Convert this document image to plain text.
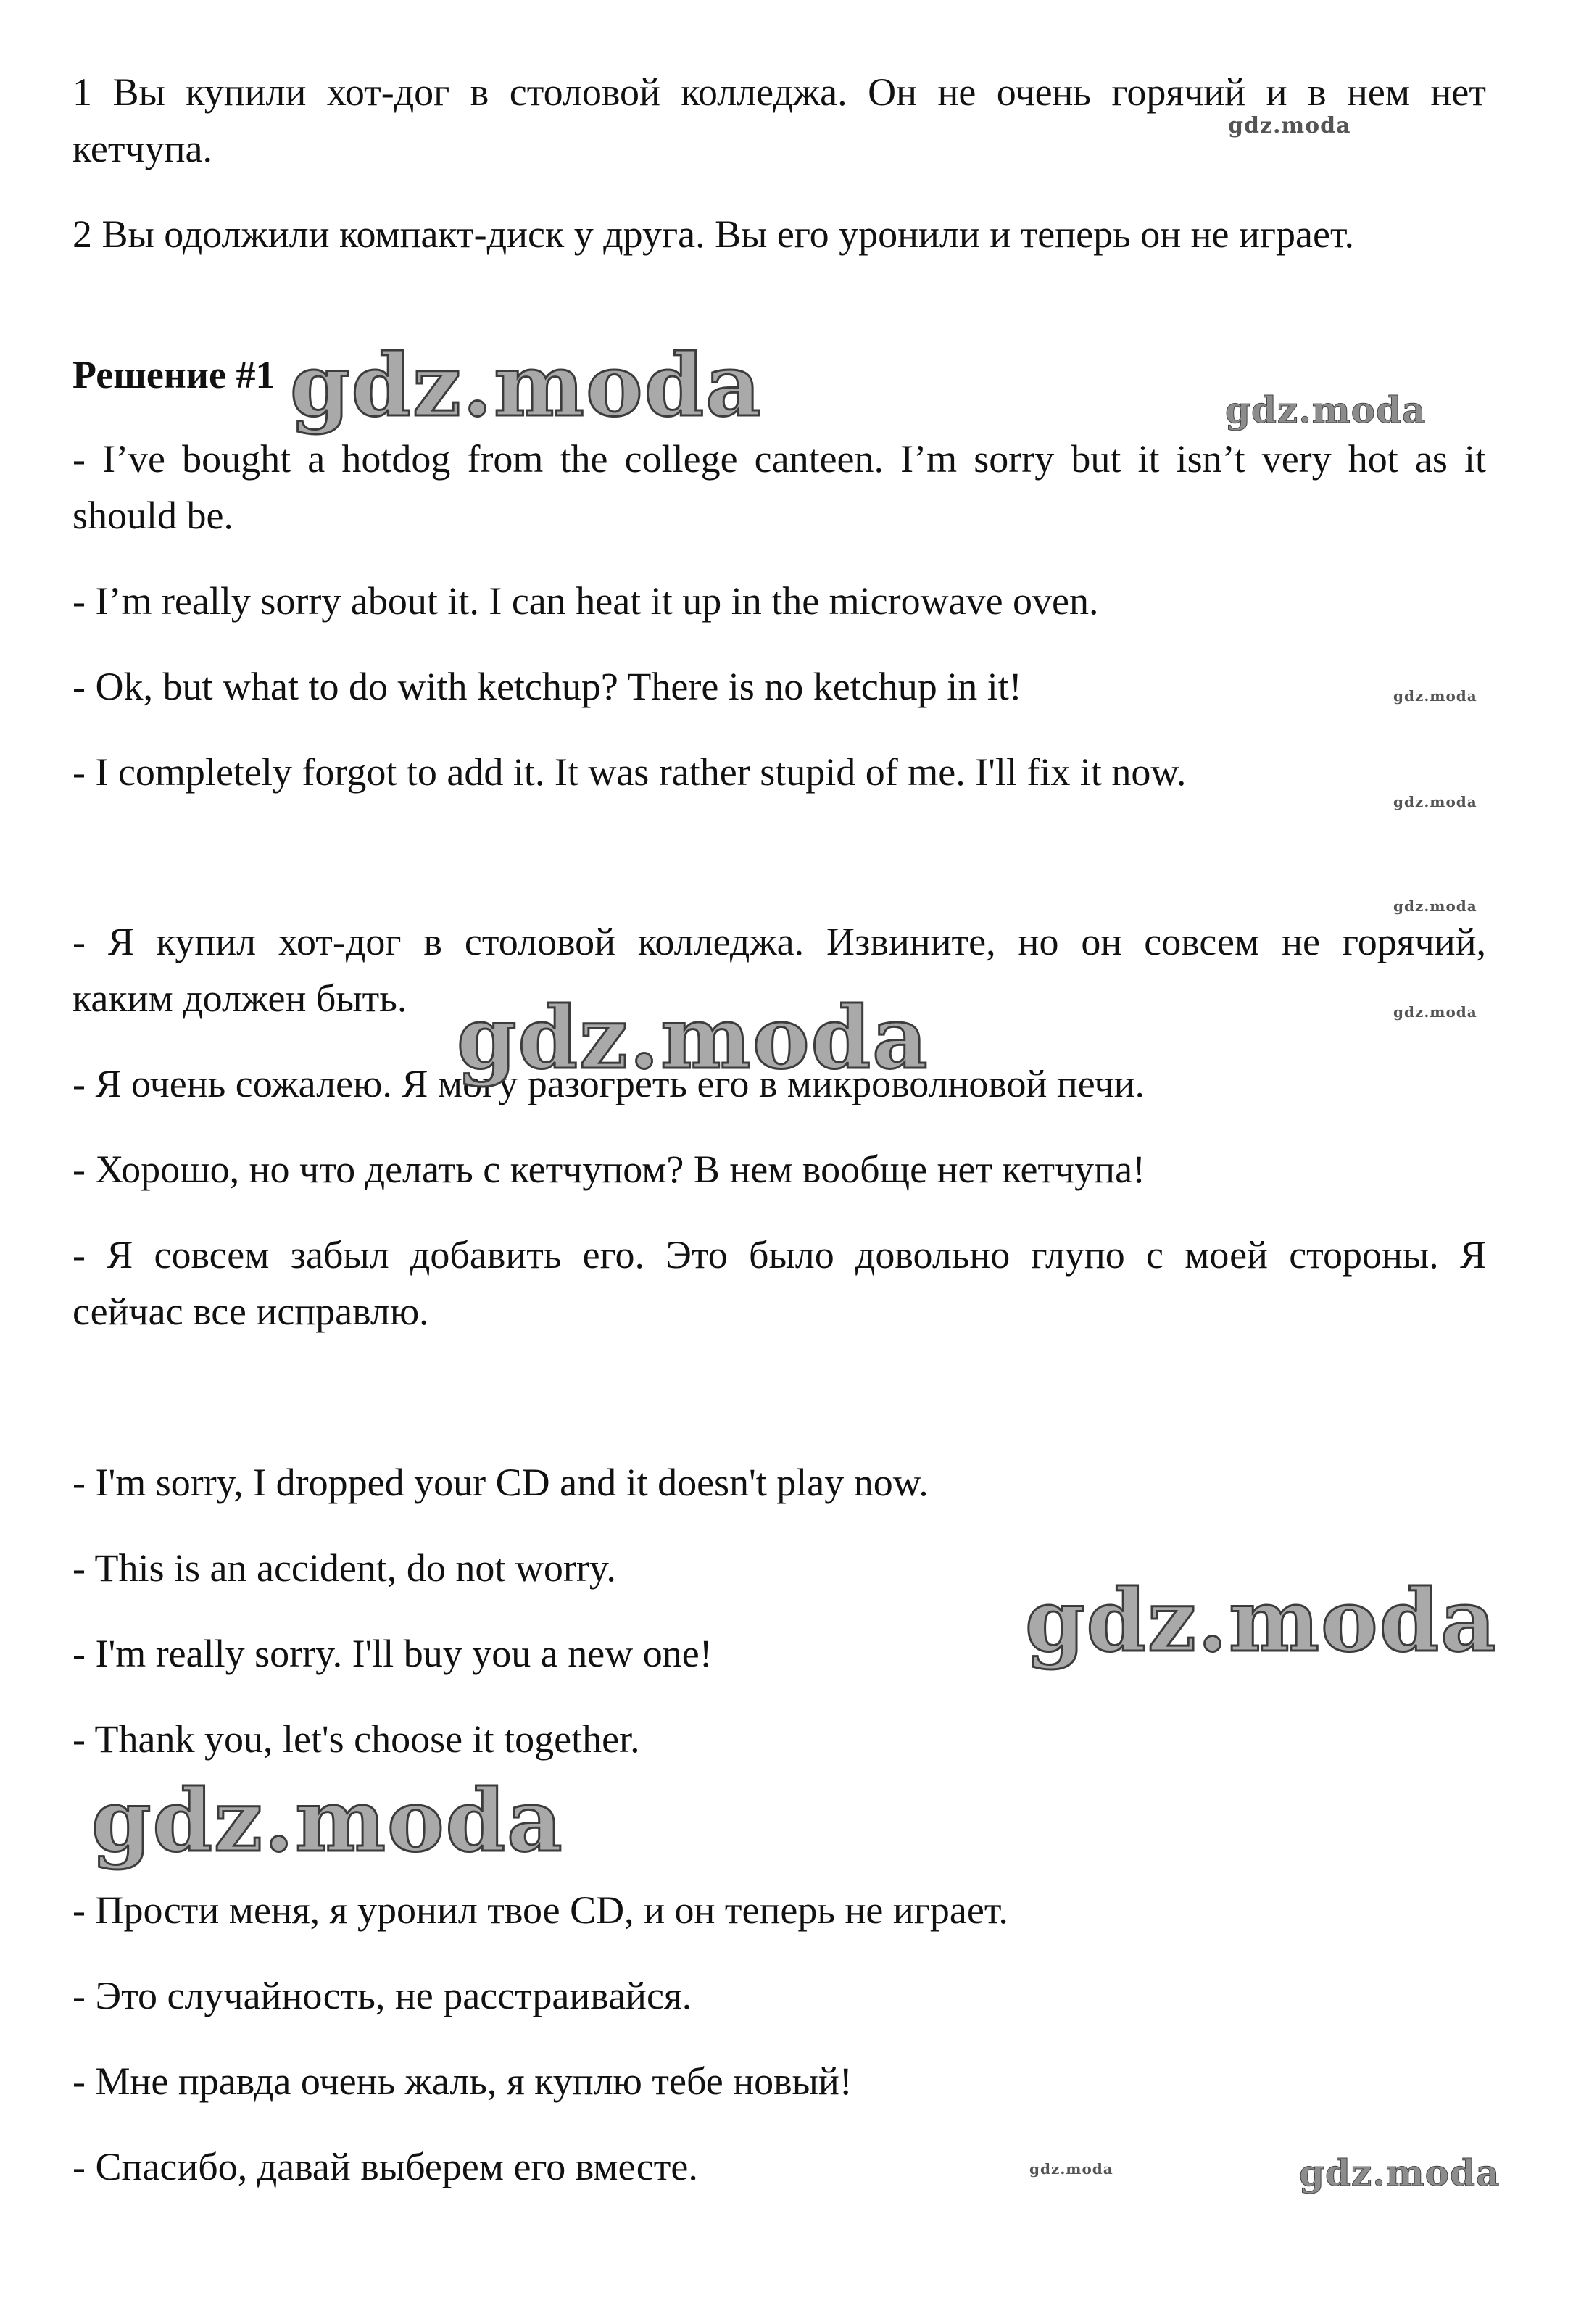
1 Вы купили хот-дог в столовой колледжа. Он не очень горячий и в нем нет
кетчупа.
2 Вы одолжили компакт-диск у друга. Вы его уронили и теперь он не играет.
Решение #1
- I’ve bought a hotdog from the college canteen. I’m sorry but it isn’t very hot as it
should be.
- I’m really sorry about it. I can heat it up in the microwave oven.
- Ok, but what to do with ketchup? There is no ketchup in it!
- I completely forgot to add it. It was rather stupid of me. I'll fix it now.
- Я купил хот-дог в столовой колледжа. Извините, но он совсем не горячий,
каким должен быть.
- Я очень сожалею. Я могу разогреть его в микроволновой печи.
- Хорошо, но что делать с кетчупом? В нем вообще нет кетчупа!
- Я совсем забыл добавить его. Это было довольно глупо с моей стороны. Я
сейчас все исправлю.
- I'm sorry, I dropped your CD and it doesn't play now.
- This is an accident, do not worry.
- I'm really sorry. I'll buy you a new one!
- Thank you, let's choose it together.
- Прости меня, я уронил твое CD, и он теперь не играет.
- Это случайность, не расстраивайся.
- Мне правда очень жаль, я куплю тебе новый!
- Спасибо, давай выберем его вместе.
gdz.moda
gdz.moda	gdz.moda
gdz.moda
gdz.moda
gdz.moda
gdz.moda
gdz.moda
gdz.moda
gdz.moda
gdz.moda	gdz.moda
